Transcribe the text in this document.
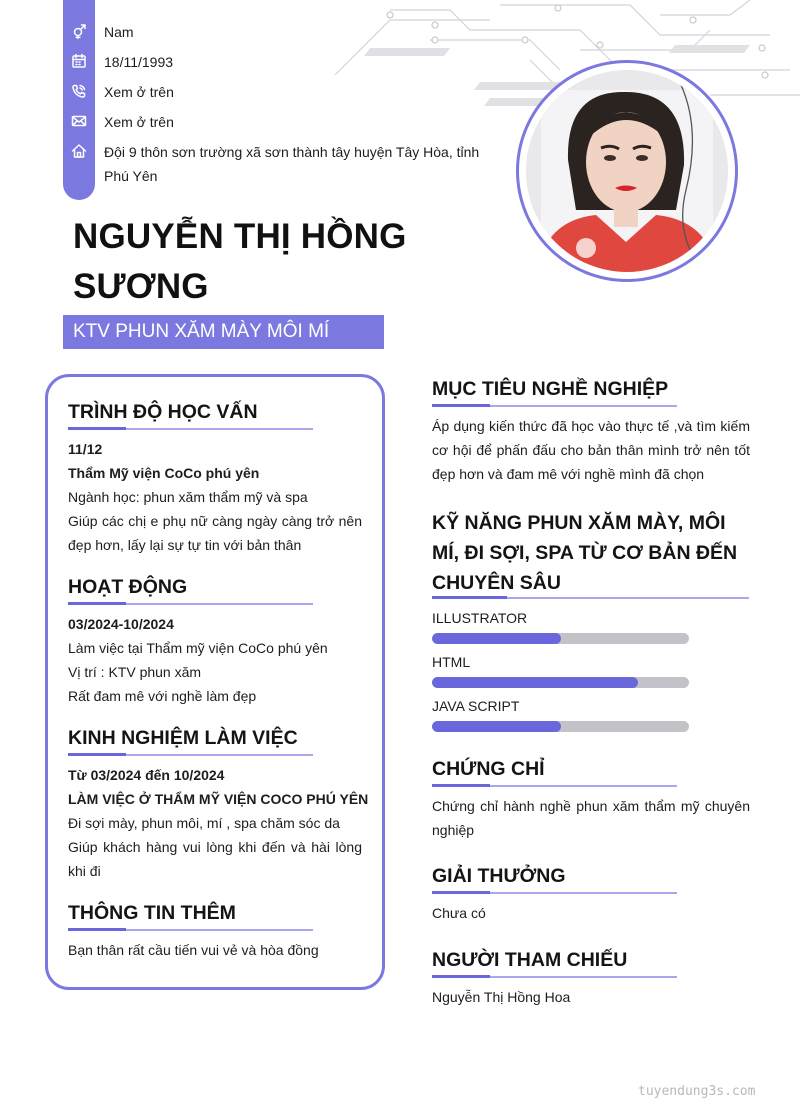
Nam
18/11/1993
Xem ở trên
Xem ở trên
Đội 9 thôn sơn trường xã sơn thành tây huyện Tây Hòa, tỉnh
Phú Yên
NGUYỄN THỊ HỒNG
SƯƠNG
KTV PHUN XĂM MÀY MÔI MÍ
TRÌNH ĐỘ HỌC VẤN
11/12
Thẩm Mỹ viện CoCo phú yên
Ngành học: phun xăm thẩm mỹ và spa
Giúp các chị e phụ nữ càng ngày càng trở nên
đẹp hơn, lấy lại sự tự tin với bản thân
HOẠT ĐỘNG
03/2024-10/2024
Làm việc tại Thẩm mỹ viện CoCo phú yên
Vị trí : KTV phun xăm
Rất đam mê với nghề làm đẹp
KINH NGHIỆM LÀM VIỆC
Từ 03/2024 đến 10/2024
LÀM VIỆC Ở THẨM MỸ VIỆN COCO PHÚ YÊN
Đi sợi mày, phun môi, mí , spa chăm sóc da
Giúp khách hàng vui lòng khi đến và hài lòng
khi đi
THÔNG TIN THÊM
Bạn thân rất cầu tiến vui vẻ và hòa đồng
MỤC TIÊU NGHỀ NGHIỆP
Áp dụng kiến thức đã học vào thực tế ,và tìm kiếm
cơ hội để phấn đấu cho bản thân mình trở nên tốt
đẹp hơn và đam mê với nghề mình đã chọn
KỸ NĂNG PHUN XĂM MÀY, MÔI
MÍ, ĐI SỢI, SPA TỪ CƠ BẢN ĐẾN
CHUYÊN SÂU
ILLUSTRATOR
HTML
JAVA SCRIPT
CHỨNG CHỈ
Chứng chỉ hành nghề phun xăm thẩm mỹ chuyên
nghiệp
GIẢI THƯỞNG
Chưa có
NGƯỜI THAM CHIẾU
Nguyễn Thị Hồng Hoa
tuyendung3s.com
